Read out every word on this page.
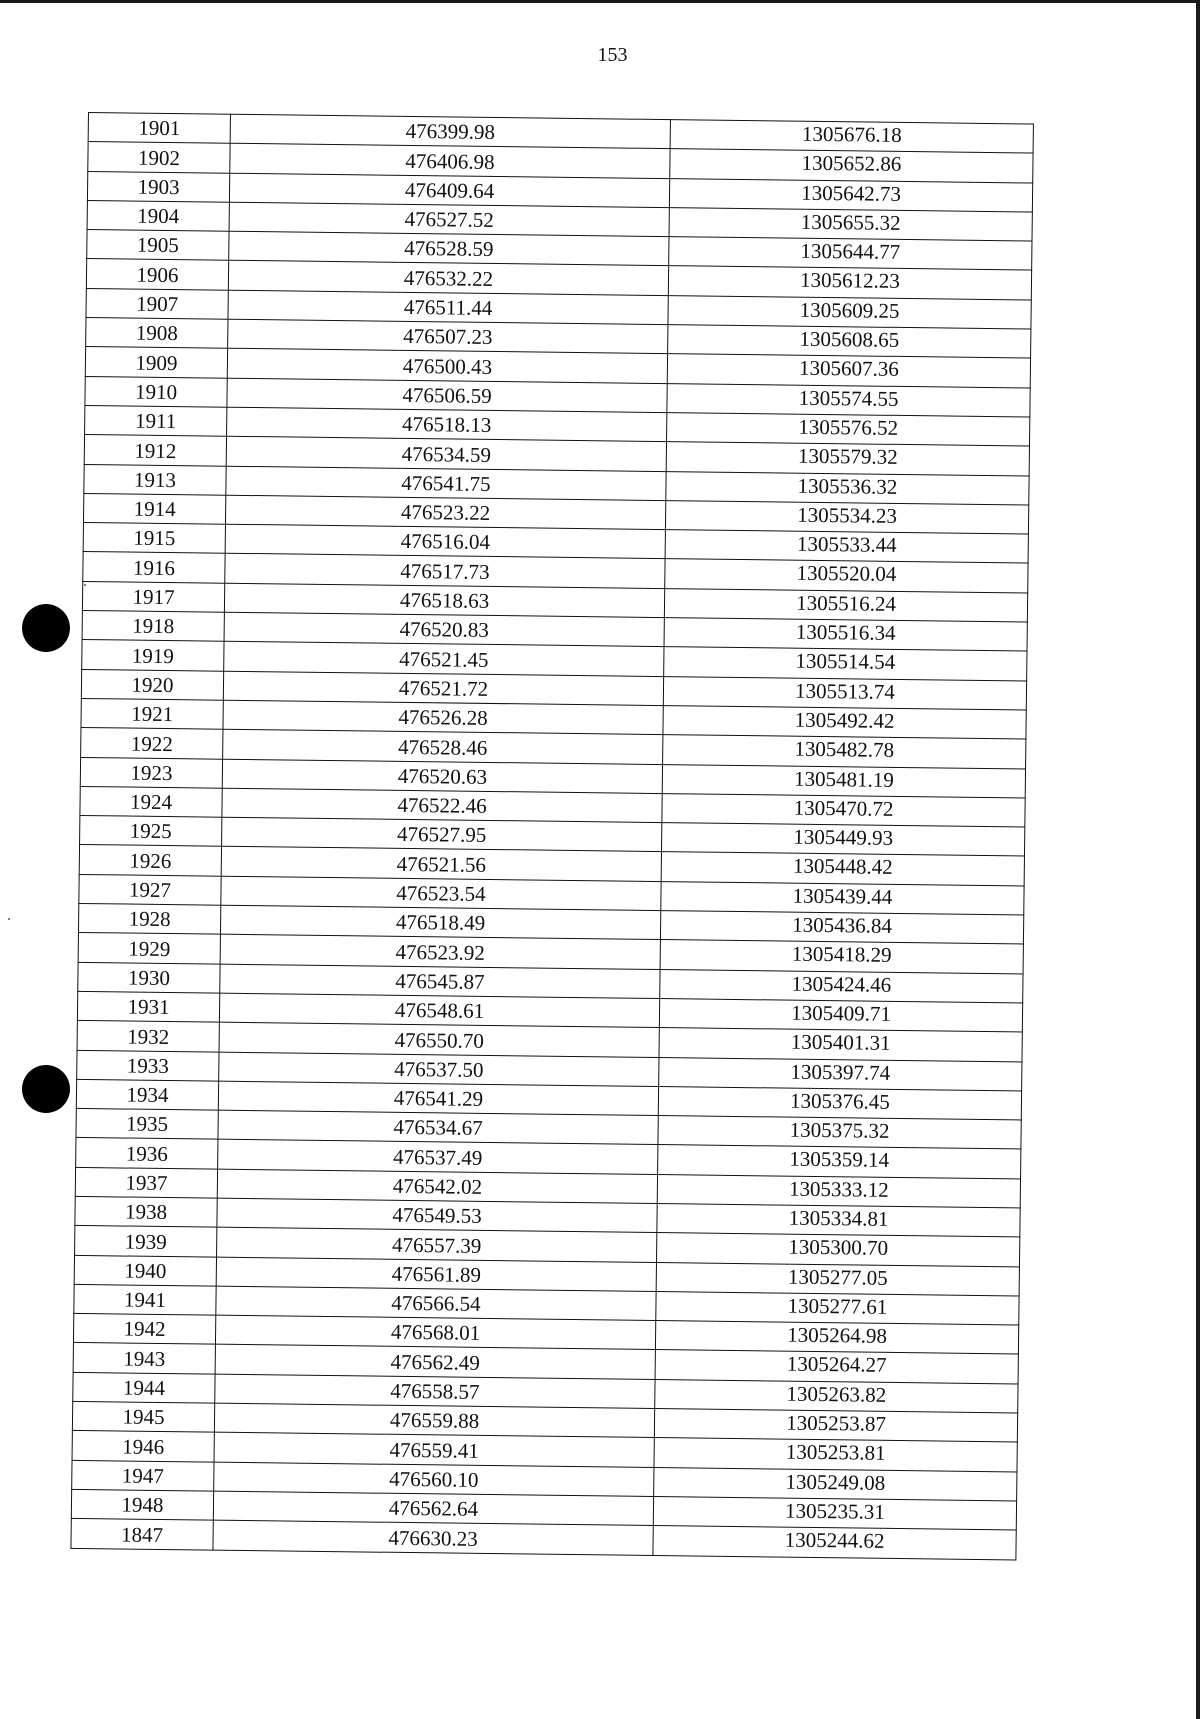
153
1901	476399.98	1305676.18
1902	476406.98	1305652.86
1903	476409.64	1305642.73
1904	476527.52	1305655.32
1905	476528.59	1305644.77
1906	476532.22	1305612.23
1907	476511.44	1305609.25
1908	476507.23	1305608.65
1909	476500.43	1305607.36
1910	476506.59	1305574.55
1911	476518.13	1305576.52
1912	476534.59	1305579.32
1913	476541.75	1305536.32
1914	476523.22	1305534.23
1915	476516.04	1305533.44
1916	476517.73	1305520.04
1917	476518.63	1305516.24
1918	476520.83	1305516.34
1919	476521.45	1305514.54
1920	476521.72	1305513.74
1921	476526.28	1305492.42
1922	476528.46	1305482.78
1923	476520.63	1305481.19
1924	476522.46	1305470.72
1925	476527.95	1305449.93
1926	476521.56	1305448.42
1927	476523.54	1305439.44
1928	476518.49	1305436.84
1929	476523.92	1305418.29
1930	476545.87	1305424.46
1931	476548.61	1305409.71
1932	476550.70	1305401.31
1933	476537.50	1305397.74
1934	476541.29	1305376.45
1935	476534.67	1305375.32
1936	476537.49	1305359.14
1937	476542.02	1305333.12
1938	476549.53	1305334.81
1939	476557.39	1305300.70
1940	476561.89	1305277.05
1941	476566.54	1305277.61
1942	476568.01	1305264.98
1943	476562.49	1305264.27
1944	476558.57	1305263.82
1945	476559.88	1305253.87
1946	476559.41	1305253.81
1947	476560.10	1305249.08
1948	476562.64	1305235.31
1847	476630.23	1305244.62
